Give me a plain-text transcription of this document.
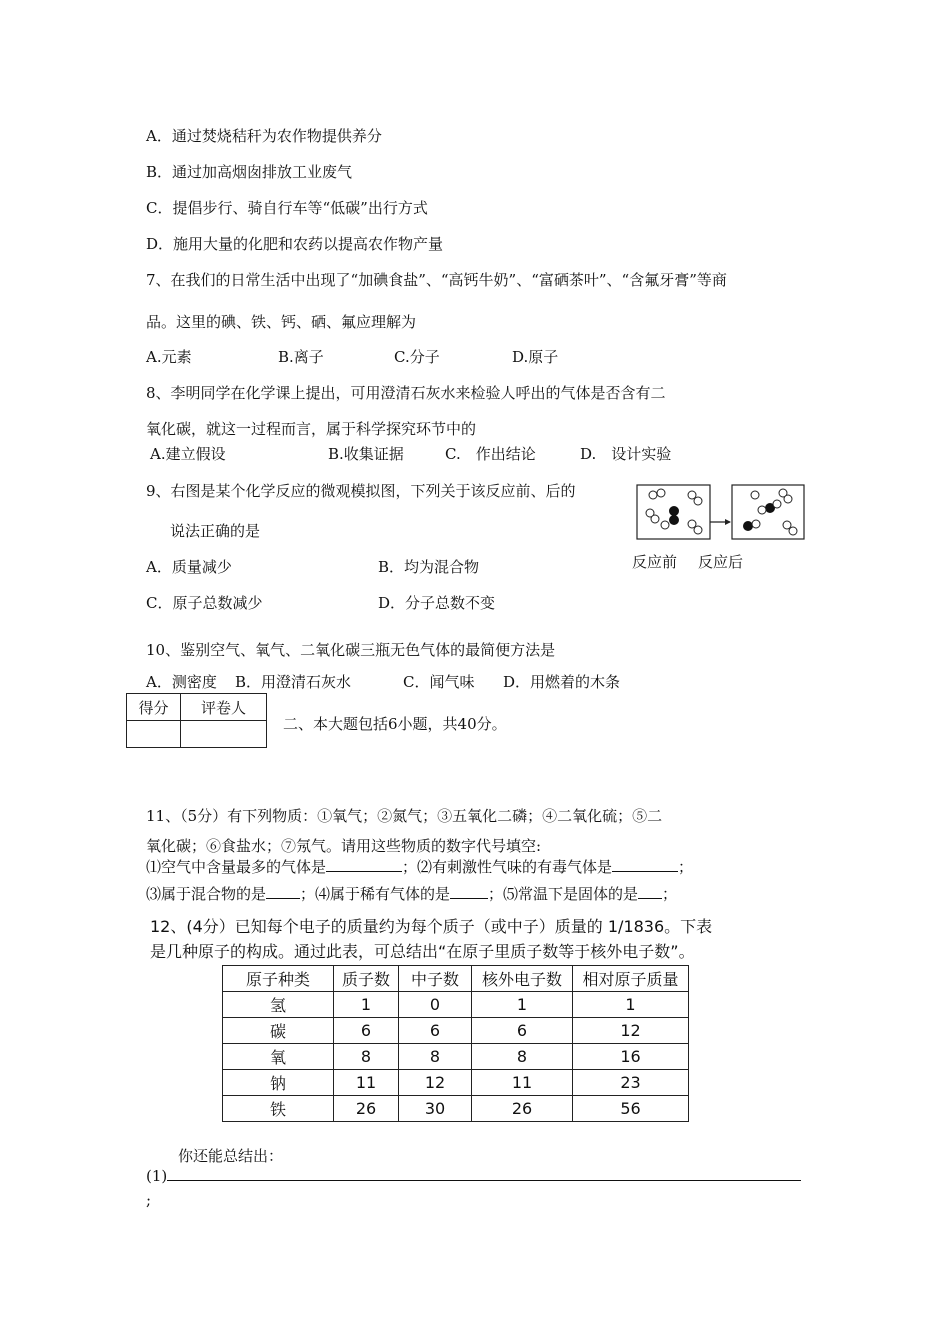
A．通过焚烧秸秆为农作物提供养分
B．通过加高烟囱排放工业废气
C．提倡步行、骑自行车等“低碳”出行方式
D．施用大量的化肥和农药以提高农作物产量
7、在我们的日常生活中出现了“加碘食盐”、“高钙牛奶”、“富硒茶叶”、“含氟牙膏”等商
品。这里的碘、铁、钙、硒、氟应理解为
A.元素	B.离子	C.分子	D.原子
8、李明同学在化学课上提出，可用澄清石灰水来检验人呼出的气体是否含有二
氧化碳，就这一过程而言，属于科学探究环节中的
A.建立假设	B.收集证据	C.　作出结论	D.　设计实验
9、右图是某个化学反应的微观模拟图，下列关于该反应前、后的
说法正确的是
A．质量减少	B．均为混合物
C．原子总数减少	D．分子总数不变
反应前 反应后
10、鉴别空气、氧气、二氧化碳三瓶无色气体的最简便方法是
A．测密度 B．用澄清石灰水	C．闻气味 D．用燃着的木条
得分	评卷人

二、本大题包括6小题，共40分。
11、（5分）有下列物质：①氧气；②氮气；③五氧化二磷；④二氧化硫；⑤二
氧化碳；⑥食盐水；⑦氖气。请用这些物质的数字代号填空:
⑴空气中含量最多的气体是	；⑵有刺激性气味的有毒气体是	；
⑶属于混合物的是 ；⑷属于稀有气体的是	；⑸常温下是固体的是 ；
12、(4分）已知每个电子的质量约为每个质子（或中子）质量的 1/1836。下表
是几种原子的构成。通过此表，可总结出“在原子里质子数等于核外电子数”。
原子种类	质子数	中子数	核外电子数	相对原子质量
氢	1	0	1	1
碳	6	6	6	12
氧	8	8	8	16
钠	11	12	11	23
铁	26	30	26	56
你还能总结出：
(1)
;
